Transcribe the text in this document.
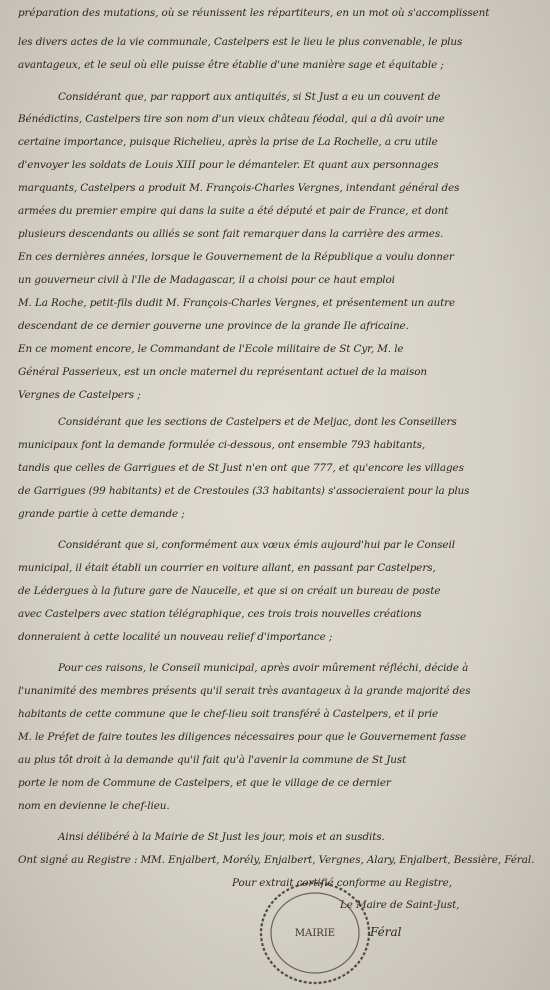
préparation des mutations, où se réunissent les répartiteurs, en un mot où s'accomplissent
les divers actes de la vie communale, Castelpers est le lieu le plus convenable, le plus
avantageux, et le seul où elle puisse être établie d'une manière sage et équitable ;
Considérant que, par rapport aux antiquités, si St Just a eu un couvent de
Bénédictins, Castelpers tire son nom d'un vieux château féodal, qui a dû avoir une
certaine importance, puisque Richelieu, après la prise de La Rochelle, a cru utile
d'envoyer les soldats de Louis XIII pour le démanteler. Et quant aux personnages
marquants, Castelpers a produit M. François-Charles Vergnes, intendant général des
armées du premier empire qui dans la suite a été député et pair de France, et dont
plusieurs descendants ou alliés se sont fait remarquer dans la carrière des armes.
En ces dernières années, lorsque le Gouvernement de la République a voulu donner
un gouverneur civil à l'Ile de Madagascar, il a choisi pour ce haut emploi
M. La Roche, petit-fils dudit M. François-Charles Vergnes, et présentement un autre
descendant de ce dernier gouverne une province de la grande Ile africaine.
En ce moment encore, le Commandant de l'Ecole militaire de St Cyr, M. le
Général Passerieux, est un oncle maternel du représentant actuel de la maison
Vergnes de Castelpers ;
Considérant que les sections de Castelpers et de Meljac, dont les Conseillers
municipaux font la demande formulée ci-dessous, ont ensemble 793 habitants,
tandis que celles de Garrigues et de St Just n'en ont que 777, et qu'encore les villages
de Garrigues (99 habitants) et de Crestoules (33 habitants) s'associeraient pour la plus
grande partie à cette demande ;
Considérant que si, conformément aux vœux émis aujourd'hui par le Conseil
municipal, il était établi un courrier en voiture allant, en passant par Castelpers,
de Lédergues à la future gare de Naucelle, et que si on créait un bureau de poste
avec Castelpers avec station télégraphique, ces trois trois nouvelles créations
donneraient à cette localité un nouveau relief d'importance ;
Pour ces raisons, le Conseil municipal, après avoir mûrement réfléchi, décide à
l'unanimité des membres présents qu'il serait très avantageux à la grande majorité des
habitants de cette commune que le chef-lieu soit transféré à Castelpers, et il prie
M. le Préfet de faire toutes les diligences nécessaires pour que le Gouvernement fasse
au plus tôt droit à la demande qu'il fait qu'à l'avenir la commune de St Just
porte le nom de Commune de Castelpers, et que le village de ce dernier
nom en devienne le chef-lieu.
Ainsi délibéré à la Mairie de St Just les jour, mois et an susdits.
Ont signé au Registre : MM. Enjalbert, Morély, Enjalbert, Vergnes, Alary, Enjalbert, Bessière, Féral.
Pour extrait certifié conforme au Registre,
Le Maire de Saint-Just,
MAIRIE	Féral
